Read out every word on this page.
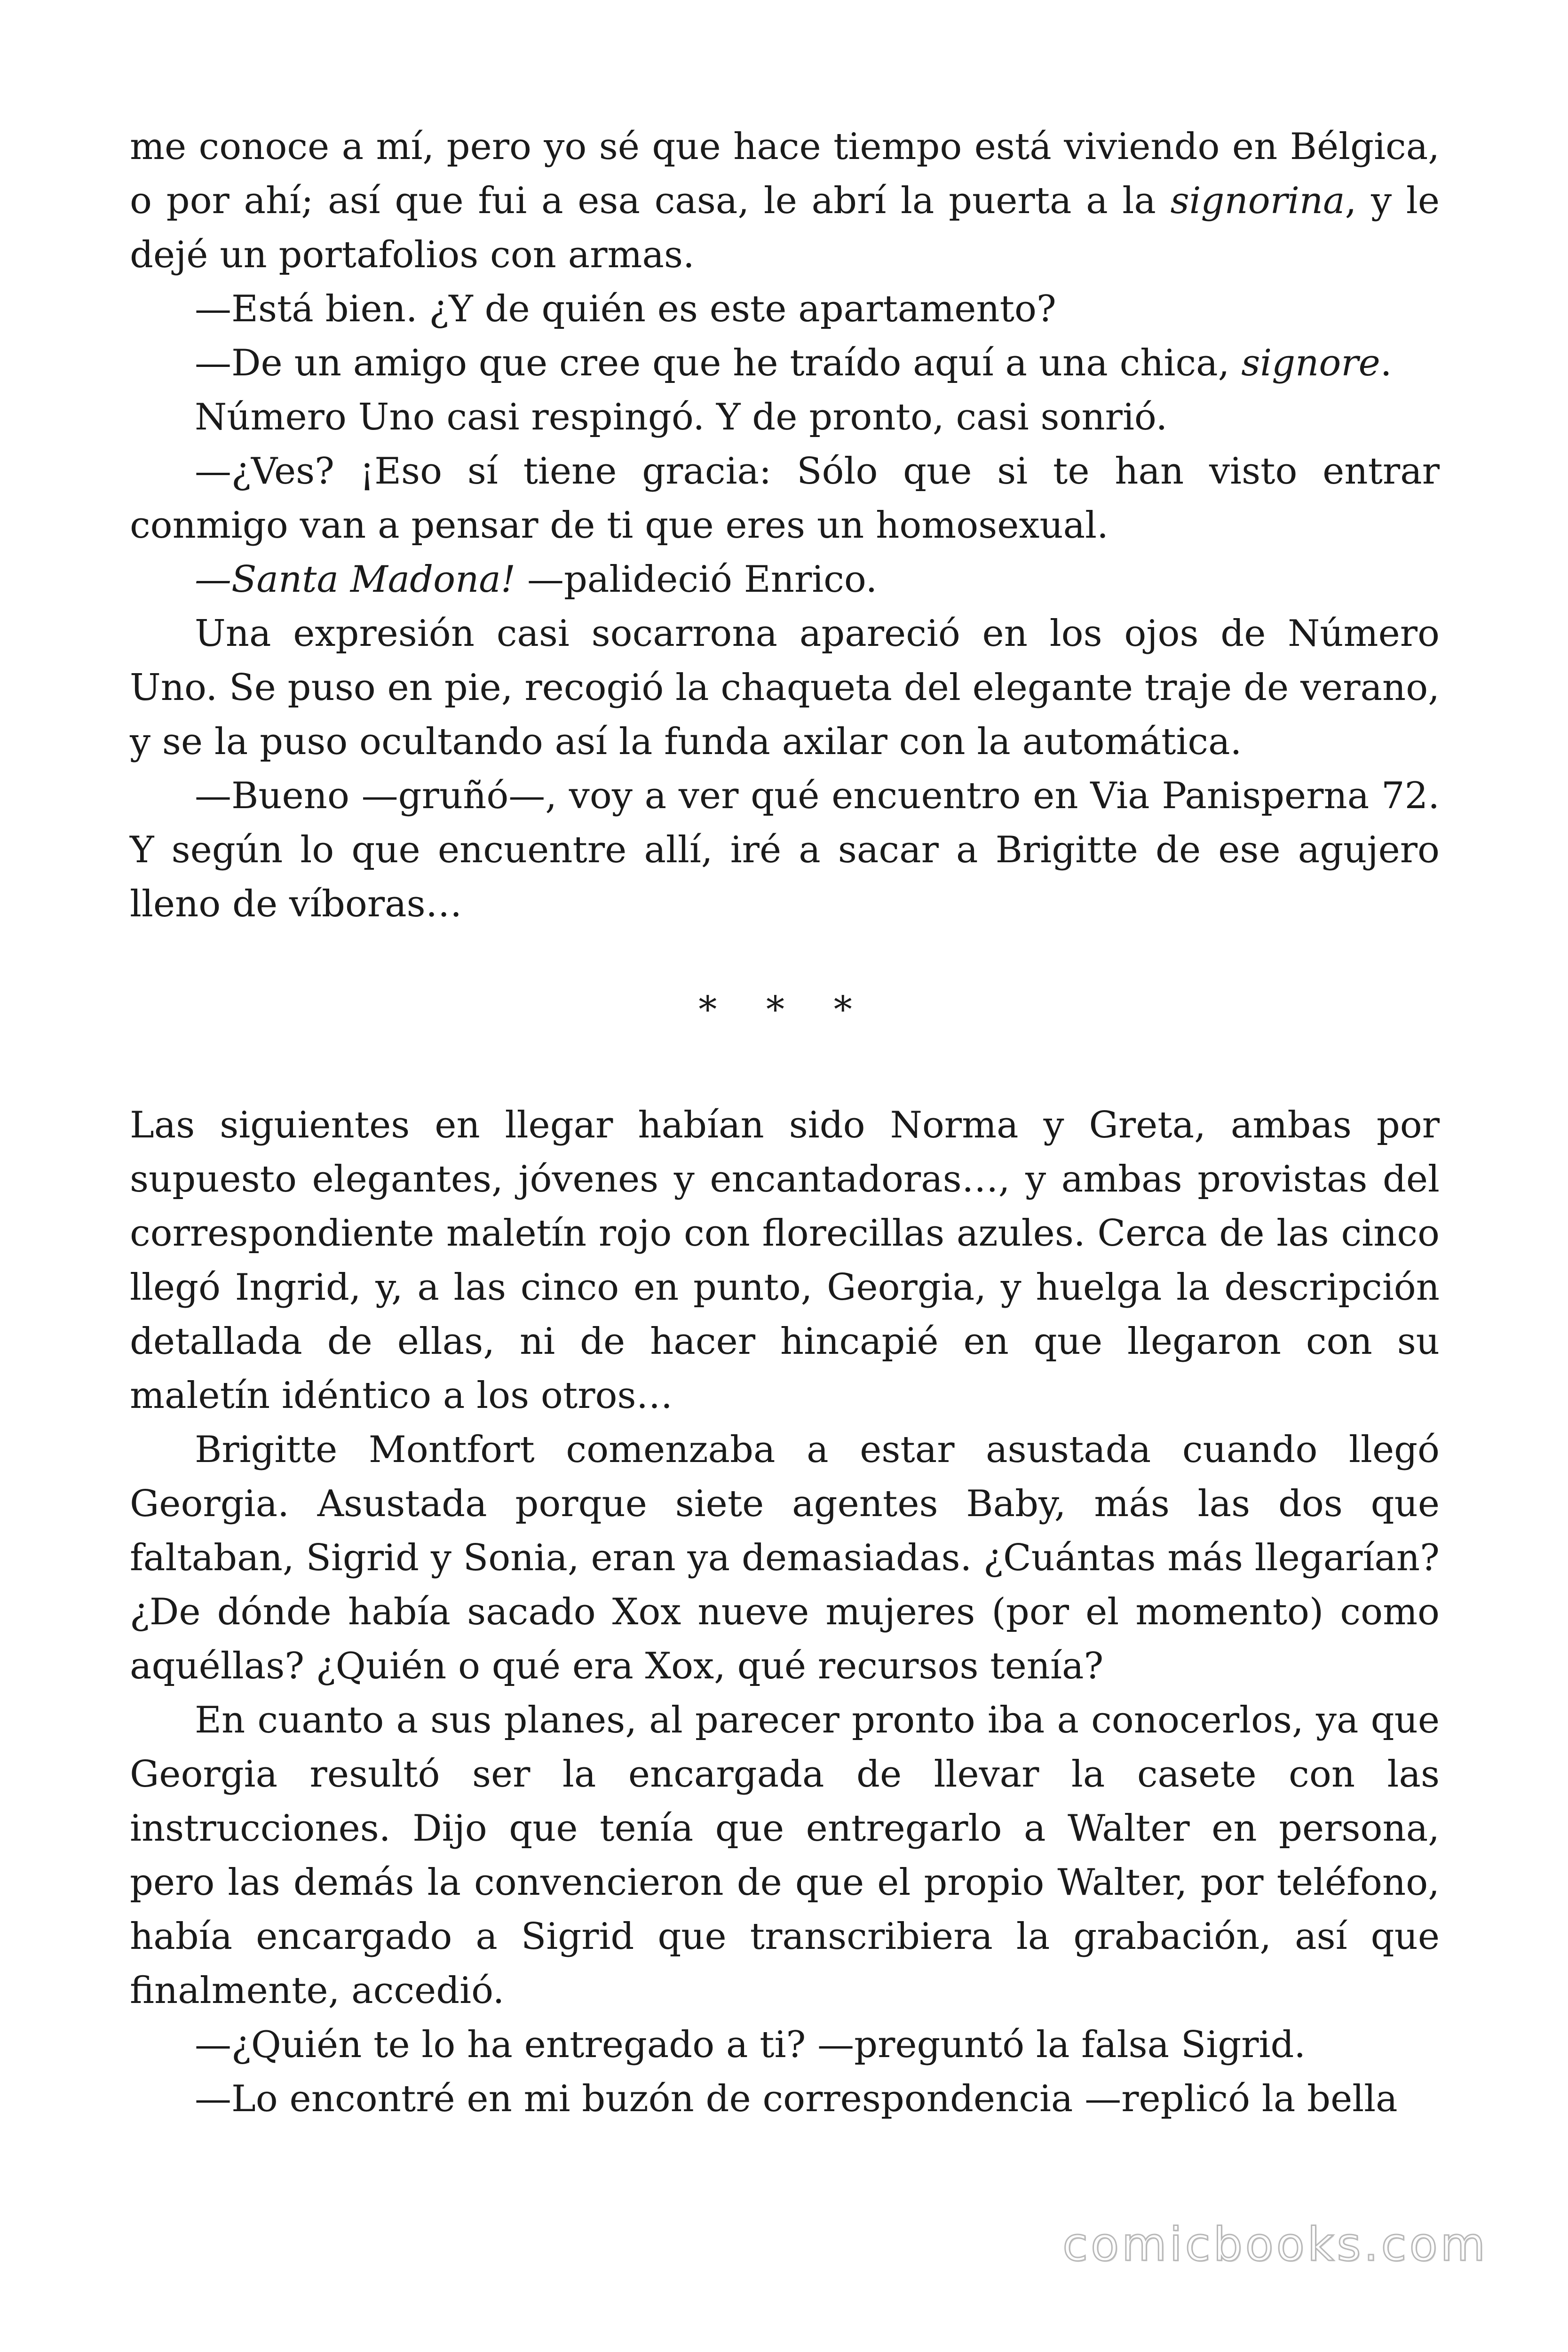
me conoce a mí, pero yo sé que hace tiempo está viviendo en Bélgica, o por ahí; así que fui a esa casa, le abrí la puerta a la signorina, y le dejé un portafolios con armas.

—Está bien. ¿Y de quién es este apartamento?

—De un amigo que cree que he traído aquí a una chica, signore.

Número Uno casi respingó. Y de pronto, casi sonrió.

—¿Ves? ¡Eso sí tiene gracia: Sólo que si te han visto entrar conmigo van a pensar de ti que eres un homosexual.

—Santa Madona! —palideció Enrico.

Una expresión casi socarrona apareció en los ojos de Número Uno. Se puso en pie, recogió la chaqueta del elegante traje de verano, y se la puso ocultando así la funda axilar con la automática.

—Bueno —gruñó—, voy a ver qué encuentro en Via Panisperna 72. Y según lo que encuentre allí, iré a sacar a Brigitte de ese agujero lleno de víboras…

* * *

Las siguientes en llegar habían sido Norma y Greta, ambas por supuesto elegantes, jóvenes y encantadoras…, y ambas provistas del correspondiente maletín rojo con florecillas azules. Cerca de las cinco llegó Ingrid, y, a las cinco en punto, Georgia, y huelga la descripción detallada de ellas, ni de hacer hincapié en que llegaron con su maletín idéntico a los otros…

Brigitte Montfort comenzaba a estar asustada cuando llegó Georgia. Asustada porque siete agentes Baby, más las dos que faltaban, Sigrid y Sonia, eran ya demasiadas. ¿Cuántas más llegarían? ¿De dónde había sacado Xox nueve mujeres (por el momento) como aquéllas? ¿Quién o qué era Xox, qué recursos tenía?

En cuanto a sus planes, al parecer pronto iba a conocerlos, ya que Georgia resultó ser la encargada de llevar la casete con las instrucciones. Dijo que tenía que entregarlo a Walter en persona, pero las demás la convencieron de que el propio Walter, por teléfono, había encargado a Sigrid que transcribiera la grabación, así que finalmente, accedió.

—¿Quién te lo ha entregado a ti? —preguntó la falsa Sigrid.

—Lo encontré en mi buzón de correspondencia —replicó la bella

comicbooks.com
